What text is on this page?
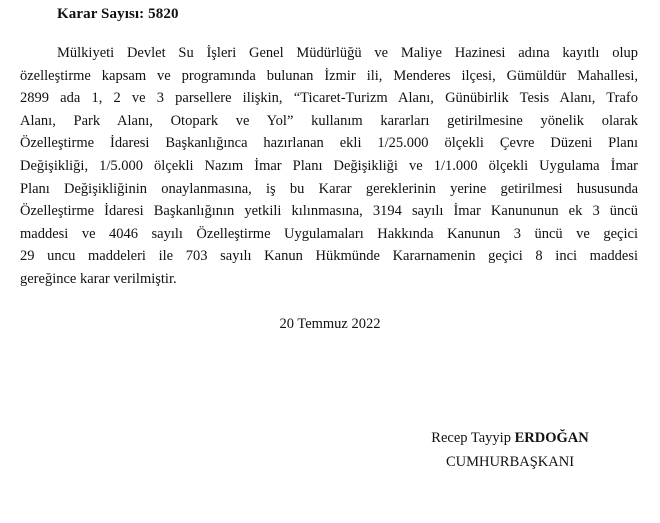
Karar Sayısı: 5820
Mülkiyeti Devlet Su İşleri Genel Müdürlüğü ve Maliye Hazinesi adına kayıtlı olup
özelleştirme kapsam ve programında bulunan İzmir ili, Menderes ilçesi, Gümüldür Mahallesi,
2899 ada 1, 2 ve 3 parsellere ilişkin, “Ticaret-Turizm Alanı, Günübirlik Tesis Alanı, Trafo
Alanı, Park Alanı, Otopark ve Yol” kullanım kararları getirilmesine yönelik olarak
Özelleştirme İdaresi Başkanlığınca hazırlanan ekli 1/25.000 ölçekli Çevre Düzeni Planı
Değişikliği, 1/5.000 ölçekli Nazım İmar Planı Değişikliği ve 1/1.000 ölçekli Uygulama İmar
Planı Değişikliğinin onaylanmasına, iş bu Karar gereklerinin yerine getirilmesi hususunda
Özelleştirme İdaresi Başkanlığının yetkili kılınmasına, 3194 sayılı İmar Kanununun ek 3 üncü
maddesi ve 4046 sayılı Özelleştirme Uygulamaları Hakkında Kanunun 3 üncü ve geçici
29 uncu maddeleri ile 703 sayılı Kanun Hükmünde Kararnamenin geçici 8 inci maddesi
gereğince karar verilmiştir.
20 Temmuz 2022
Recep Tayyip ERDOĞAN
CUMHURBAŞKANI
